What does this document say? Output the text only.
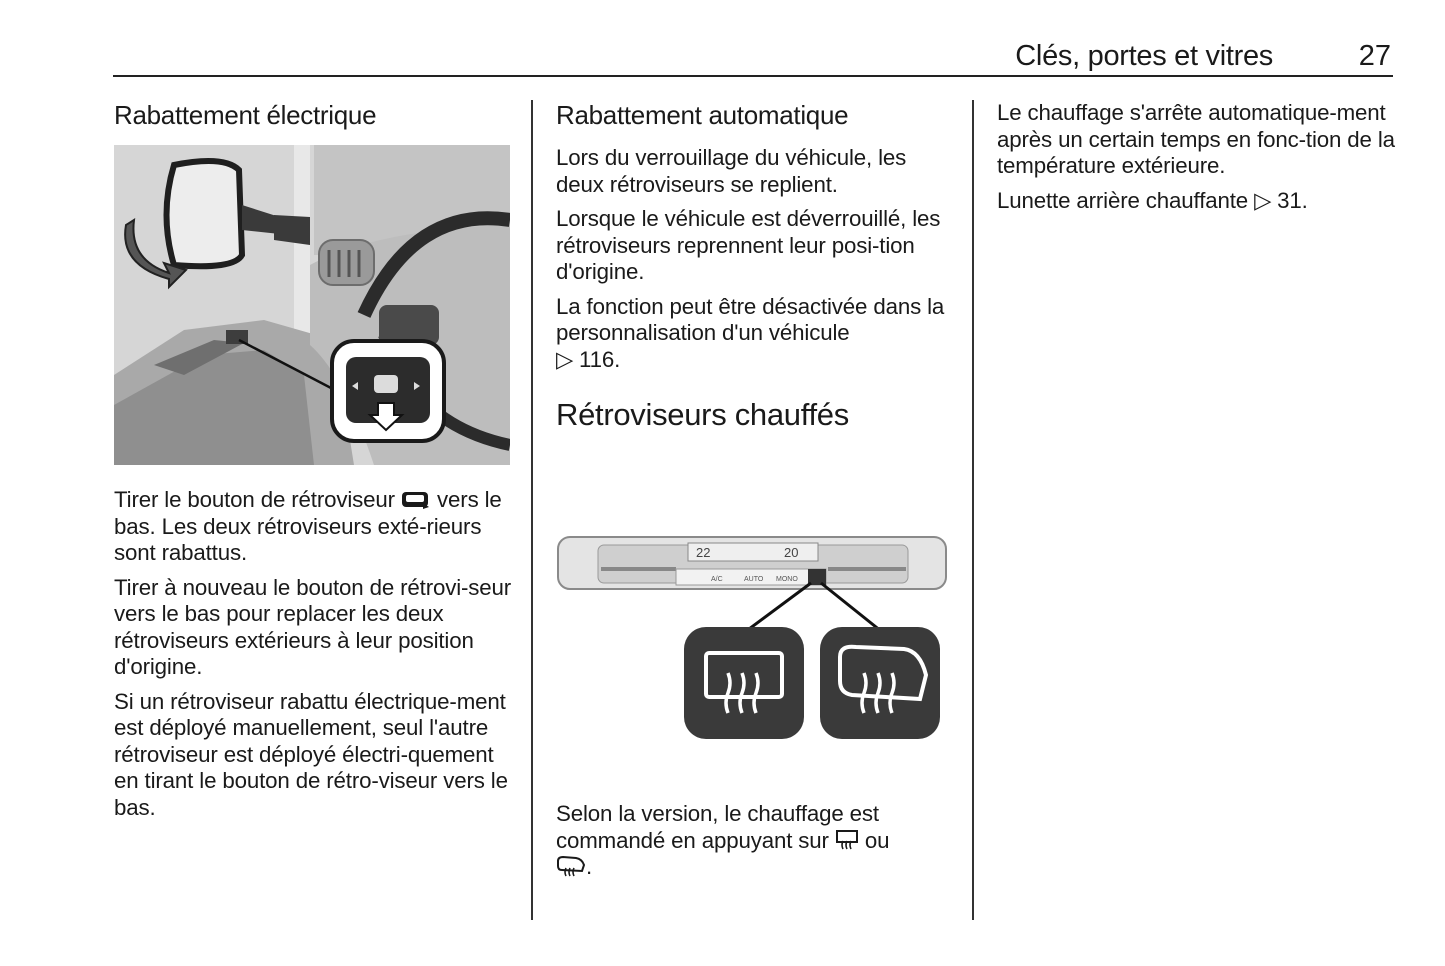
Clés, portes et vitres	27
Rabattement électrique

Tirer le bouton de rétroviseur  vers le bas. Les deux rétroviseurs exté-rieurs sont rabattus.

Tirer à nouveau le bouton de rétrovi-seur vers le bas pour replacer les deux rétroviseurs extérieurs à leur position d'origine.

Si un rétroviseur rabattu électrique-ment est déployé manuellement, seul l'autre rétroviseur est déployé électri-quement en tirant le bouton de rétro-viseur vers le bas.

Rabattement automatique

Lors du verrouillage du véhicule, les deux rétroviseurs se replient.

Lorsque le véhicule est déverrouillé, les rétroviseurs reprennent leur posi-tion d'origine.

La fonction peut être désactivée dans la personnalisation d'un véhicule
▷ 116.

Rétroviseurs chauffés
22	20
A/C	AUTO MONO

Selon la version, le chauffage est commandé en appuyant sur  ou
.

Le chauffage s'arrête automatique-ment après un certain temps en fonc-tion de la température extérieure.

Lunette arrière chauffante ▷ 31.
